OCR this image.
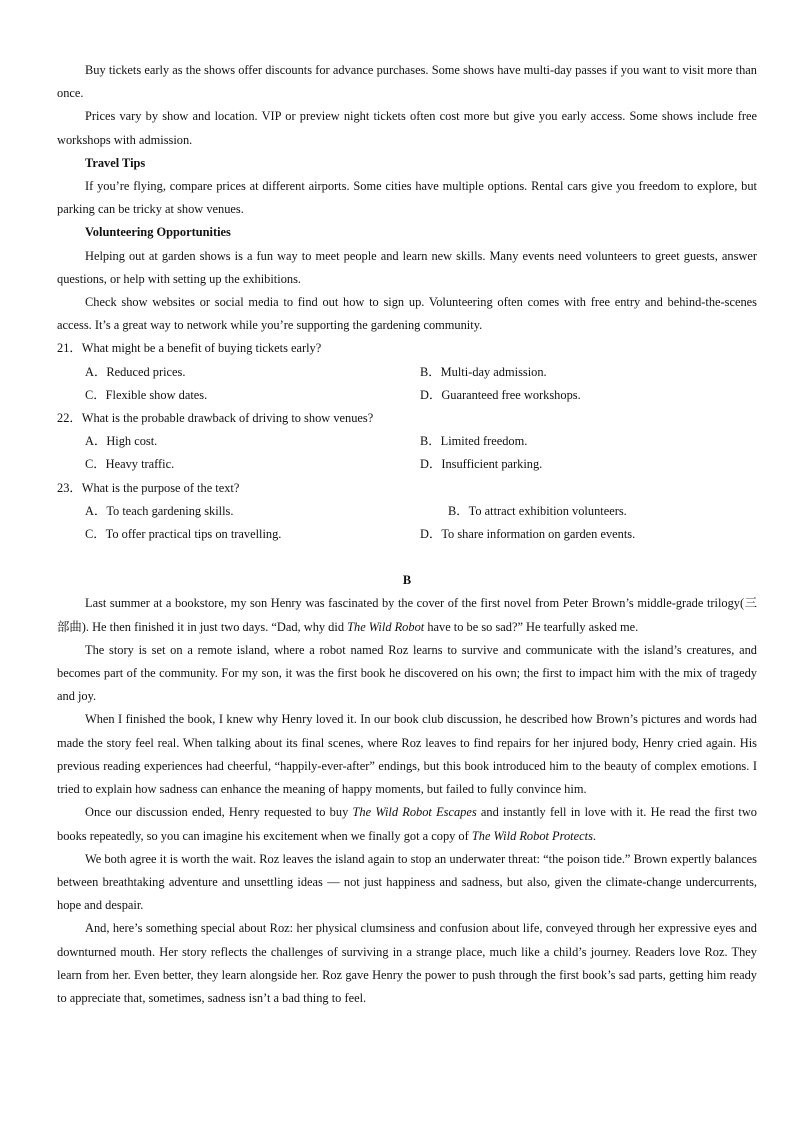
Buy tickets early as the shows offer discounts for advance purchases. Some shows have multi-day passes if you want to visit more than once.

Prices vary by show and location. VIP or preview night tickets often cost more but give you early access. Some shows include free workshops with admission.

Travel Tips

If you’re flying, compare prices at different airports. Some cities have multiple options. Rental cars give you freedom to explore, but parking can be tricky at show venues.

Volunteering Opportunities

Helping out at garden shows is a fun way to meet people and learn new skills. Many events need volunteers to greet guests, answer questions, or help with setting up the exhibitions.

Check show websites or social media to find out how to sign up. Volunteering often comes with free entry and behind-the-scenes access. It’s a great way to network while you’re supporting the gardening community.

21．What might be a benefit of buying tickets early?

A．Reduced prices.	B．Multi-day admission.
C．Flexible show dates.	D．Guaranteed free workshops.

22．What is the probable drawback of driving to show venues?

A．High cost.	B．Limited freedom.
C．Heavy traffic.	D．Insufficient parking.

23．What is the purpose of the text?

A．To teach gardening skills.	B．To attract exhibition volunteers.
C．To offer practical tips on travelling.	D．To share information on garden events.

B

Last summer at a bookstore, my son Henry was fascinated by the cover of the first novel from Peter Brown’s middle-grade trilogy(三部曲). He then finished it in just two days. “Dad, why did The Wild Robot have to be so sad?” He tearfully asked me.

The story is set on a remote island, where a robot named Roz learns to survive and communicate with the island’s creatures, and becomes part of the community. For my son, it was the first book he discovered on his own; the first to impact him with the mix of tragedy and joy.

When I finished the book, I knew why Henry loved it. In our book club discussion, he described how Brown’s pictures and words had made the story feel real. When talking about its final scenes, where Roz leaves to find repairs for her injured body, Henry cried again. His previous reading experiences had cheerful, “happily-ever-after” endings, but this book introduced him to the beauty of complex emotions. I tried to explain how sadness can enhance the meaning of happy moments, but failed to fully convince him.

Once our discussion ended, Henry requested to buy The Wild Robot Escapes and instantly fell in love with it. He read the first two books repeatedly, so you can imagine his excitement when we finally got a copy of The Wild Robot Protects.

We both agree it is worth the wait. Roz leaves the island again to stop an underwater threat: “the poison tide.” Brown expertly balances between breathtaking adventure and unsettling ideas — not just happiness and sadness, but also, given the climate-change undercurrents, hope and despair.

And, here’s something special about Roz: her physical clumsiness and confusion about life, conveyed through her expressive eyes and downturned mouth. Her story reflects the challenges of surviving in a strange place, much like a child’s journey. Readers love Roz. They learn from her. Even better, they learn alongside her. Roz gave Henry the power to push through the first book’s sad parts, getting him ready to appreciate that, sometimes, sadness isn’t a bad thing to feel.
